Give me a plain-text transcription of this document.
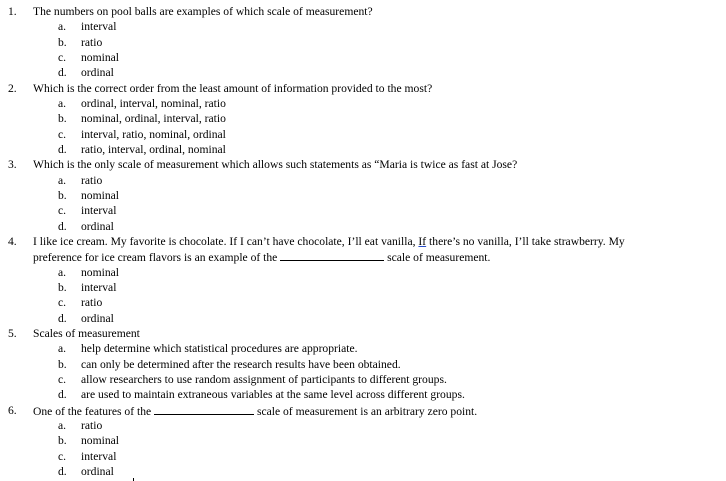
1.	The numbers on pool balls are examples of which scale of measurement?
a.	interval
b.	ratio
c.	nominal
d.	ordinal
2.	Which is the correct order from the least amount of information provided to the most?
a.	ordinal, interval, nominal, ratio
b.	nominal, ordinal, interval, ratio
c.	interval, ratio, nominal, ordinal
d.	ratio, interval, ordinal, nominal
3.	Which is the only scale of measurement which allows such statements as “Maria is twice as fast at Jose?
a.	ratio
b.	nominal
c.	interval
d.	ordinal
4.	I like ice cream. My favorite is chocolate. If I can’t have chocolate, I’ll eat vanilla, If there’s no vanilla, I’ll take strawberry. My
preference for ice cream flavors is an example of the	scale of measurement.
a.	nominal
b.	interval
c.	ratio
d.	ordinal
5.	Scales of measurement
a.	help determine which statistical procedures are appropriate.
b.	can only be determined after the research results have been obtained.
c.	allow researchers to use random assignment of participants to different groups.
d.	are used to maintain extraneous variables at the same level across different groups.
6.	One of the features of the	scale of measurement is an arbitrary zero point.
a.	ratio
b.	nominal
c.	interval
d.	ordinal
